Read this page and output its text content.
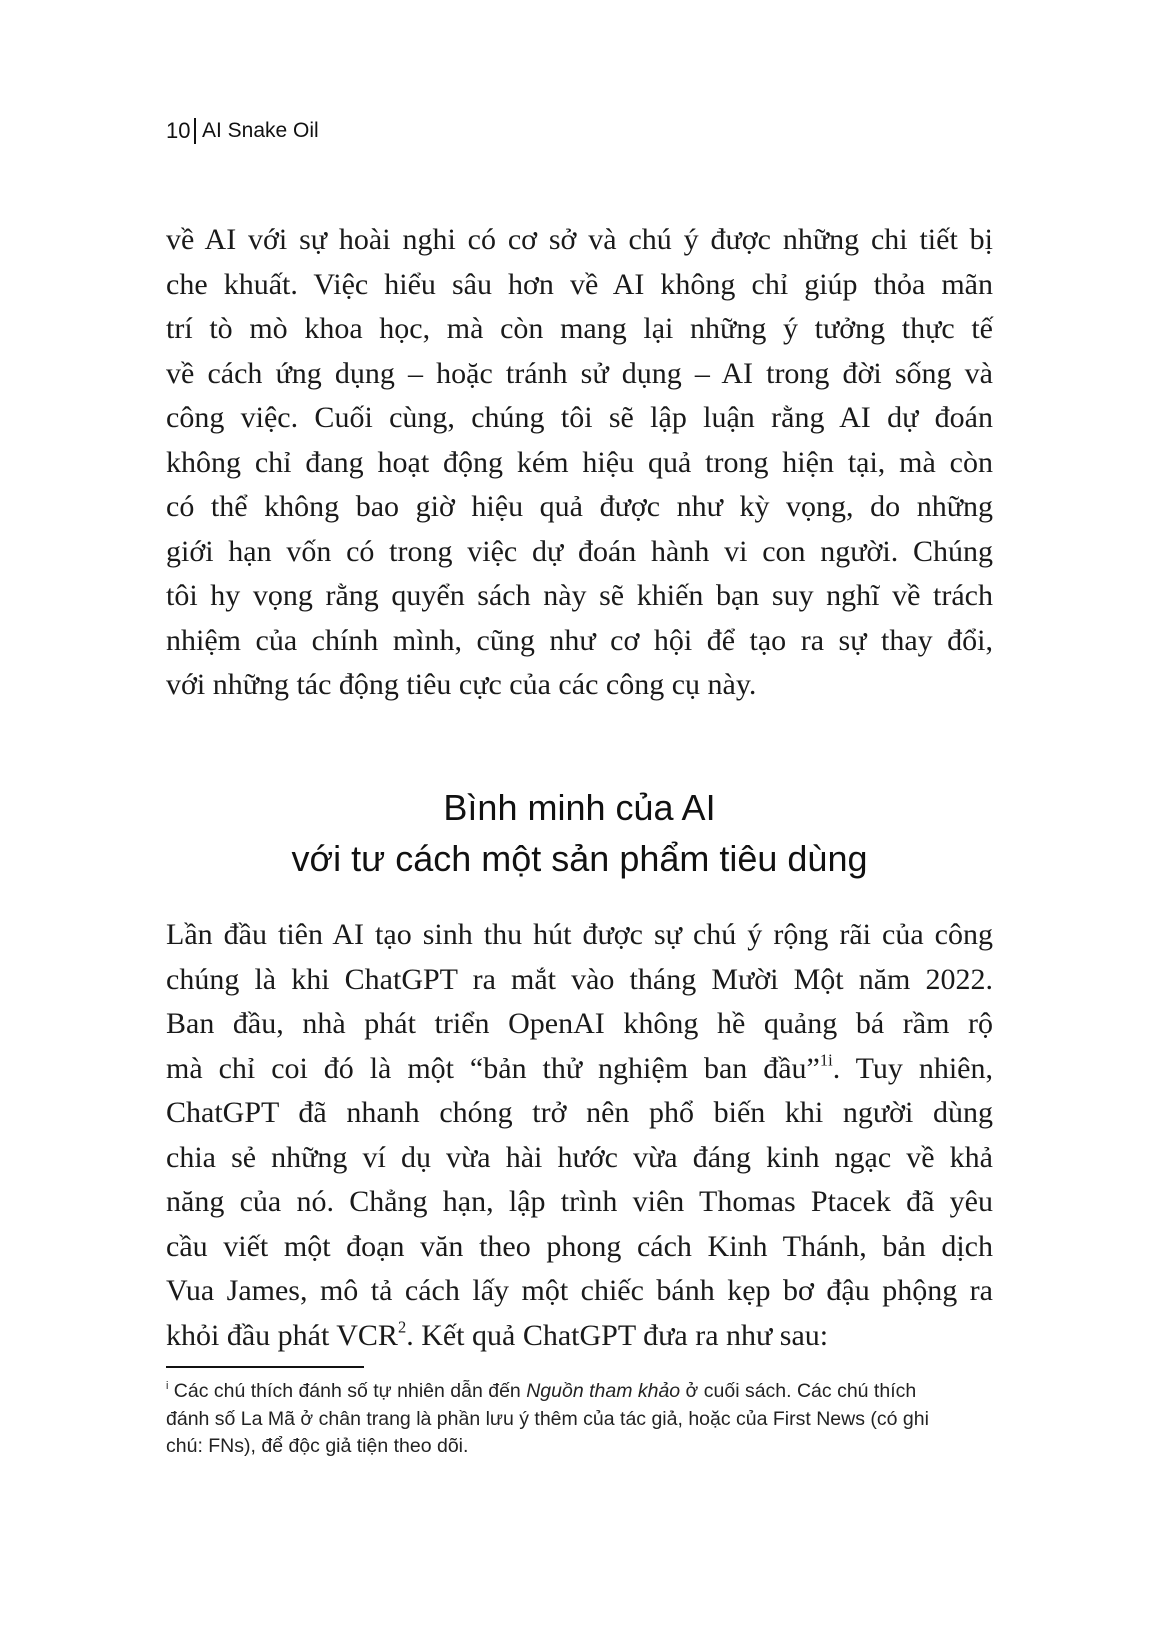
10 AI Snake Oil
về AI với sự hoài nghi có cơ sở và chú ý được những chi tiết bị
che khuất. Việc hiểu sâu hơn về AI không chỉ giúp thỏa mãn
trí tò mò khoa học, mà còn mang lại những ý tưởng thực tế
về cách ứng dụng – hoặc tránh sử dụng – AI trong đời sống và
công việc. Cuối cùng, chúng tôi sẽ lập luận rằng AI dự đoán
không chỉ đang hoạt động kém hiệu quả trong hiện tại, mà còn
có thể không bao giờ hiệu quả được như kỳ vọng, do những
giới hạn vốn có trong việc dự đoán hành vi con người. Chúng
tôi hy vọng rằng quyển sách này sẽ khiến bạn suy nghĩ về trách
nhiệm của chính mình, cũng như cơ hội để tạo ra sự thay đổi,
với những tác động tiêu cực của các công cụ này.
Bình minh của AI
với tư cách một sản phẩm tiêu dùng
Lần đầu tiên AI tạo sinh thu hút được sự chú ý rộng rãi của công
chúng là khi ChatGPT ra mắt vào tháng Mười Một năm 2022.
Ban đầu, nhà phát triển OpenAI không hề quảng bá rầm rộ
mà chỉ coi đó là một “bản thử nghiệm ban đầu”$^{1i}$. Tuy nhiên,
ChatGPT đã nhanh chóng trở nên phổ biến khi người dùng
chia sẻ những ví dụ vừa hài hước vừa đáng kinh ngạc về khả
năng của nó. Chẳng hạn, lập trình viên Thomas Ptacek đã yêu
cầu viết một đoạn văn theo phong cách Kinh Thánh, bản dịch
Vua James, mô tả cách lấy một chiếc bánh kẹp bơ đậu phộng ra
khỏi đầu phát VCR$^2$. Kết quả ChatGPT đưa ra như sau:
$^i$ Các chú thích đánh số tự nhiên dẫn đến Nguồn tham khảo ở cuối sách. Các chú thích
đánh số La Mã ở chân trang là phần lưu ý thêm của tác giả, hoặc của First News (có ghi
chú: FNs), để độc giả tiện theo dõi.
